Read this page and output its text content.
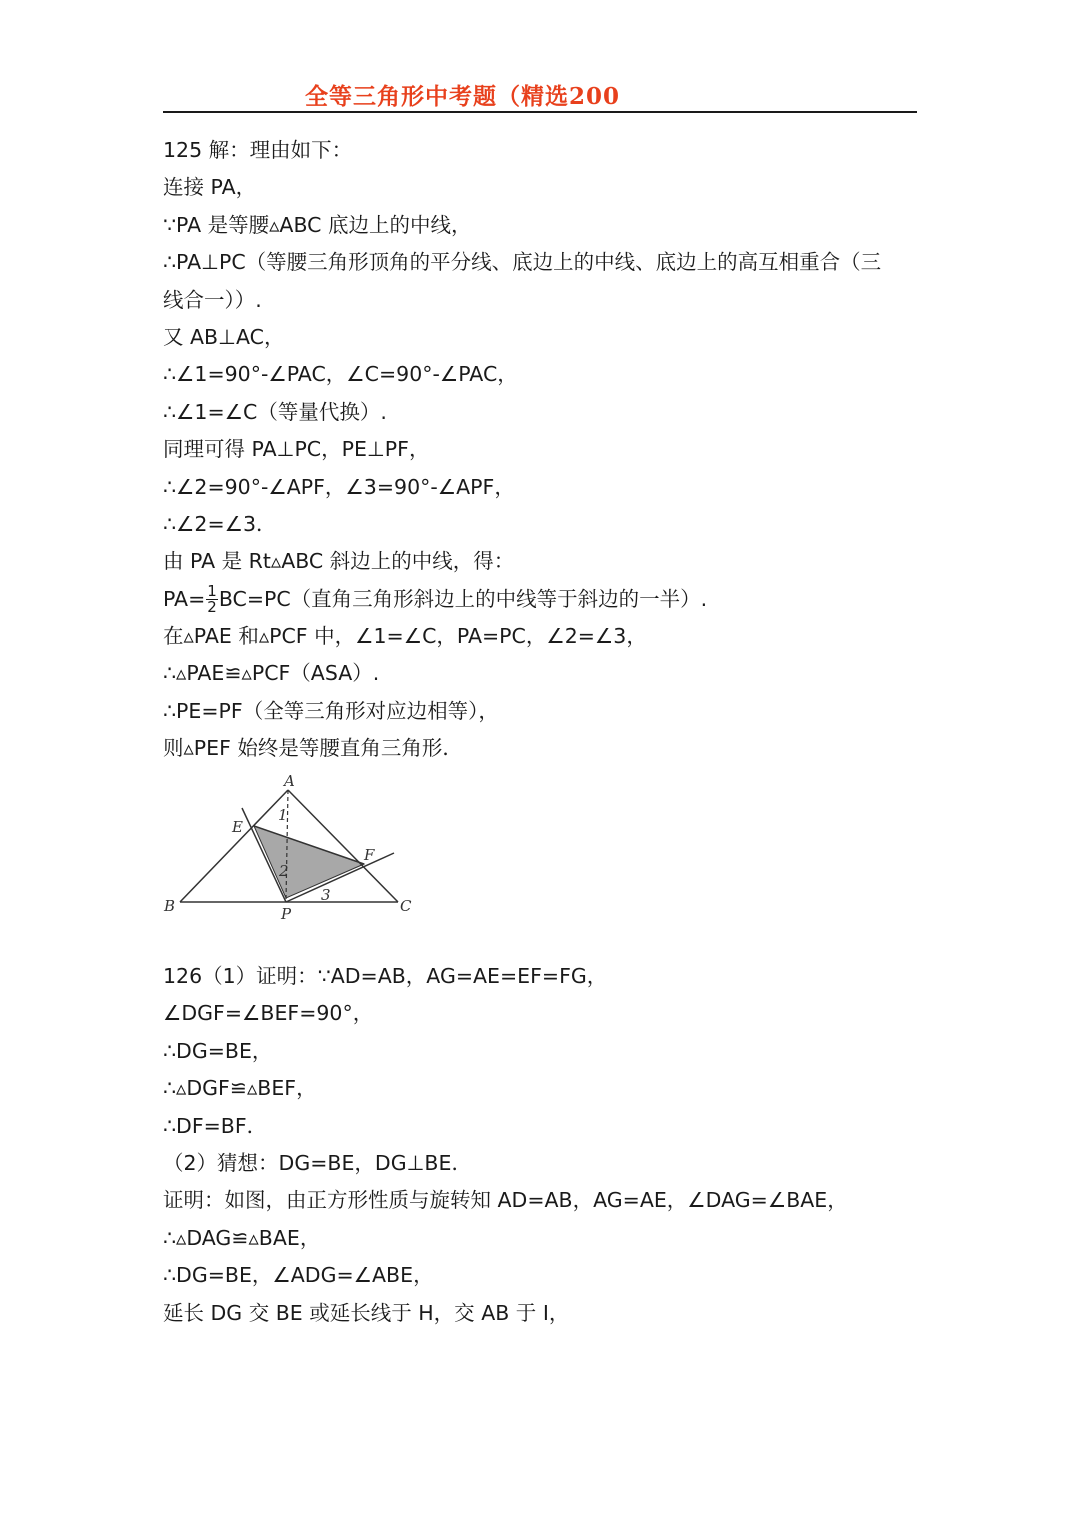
全等三角形中考题（精选200
125 解：理由如下：
连接 PA，
∵PA 是等腰▵ABC 底边上的中线，
∴PA⊥PC（等腰三角形顶角的平分线、底边上的中线、底边上的高互相重合（三
线合一））.
又 AB⊥AC，
∴∠1=90°-∠PAC，∠C=90°-∠PAC，
∴∠1=∠C（等量代换）.
同理可得 PA⊥PC，PE⊥PF，
∴∠2=90°-∠APF，∠3=90°-∠APF，
∴∠2=∠3．
由 PA 是 Rt▵ABC 斜边上的中线，得：
$PA= \frac{1}{2} BC=PC$（直角三角形斜边上的中线等于斜边的一半）.
在▵PAE 和▵PCF 中，∠1=∠C，PA=PC，∠2=∠3，
∴▵PAE≌▵PCF（ASA）.
∴PE=PF（全等三角形对应边相等），
则▵PEF 始终是等腰直角三角形．
A
B	C
E
F
P
1
2
3
126（1）证明：∵AD=AB，AG=AE=EF=FG，
∠DGF=∠BEF=90°，
∴DG=BE，
∴▵DGF≌▵BEF，
∴DF=BF．
（2）猜想：DG=BE，DG⊥BE．
证明：如图，由正方形性质与旋转知 AD=AB，AG=AE，∠DAG=∠BAE，
∴▵DAG≌▵BAE，
∴DG=BE，∠ADG=∠ABE，
延长 DG 交 BE 或延长线于 H，交 AB 于 I，
